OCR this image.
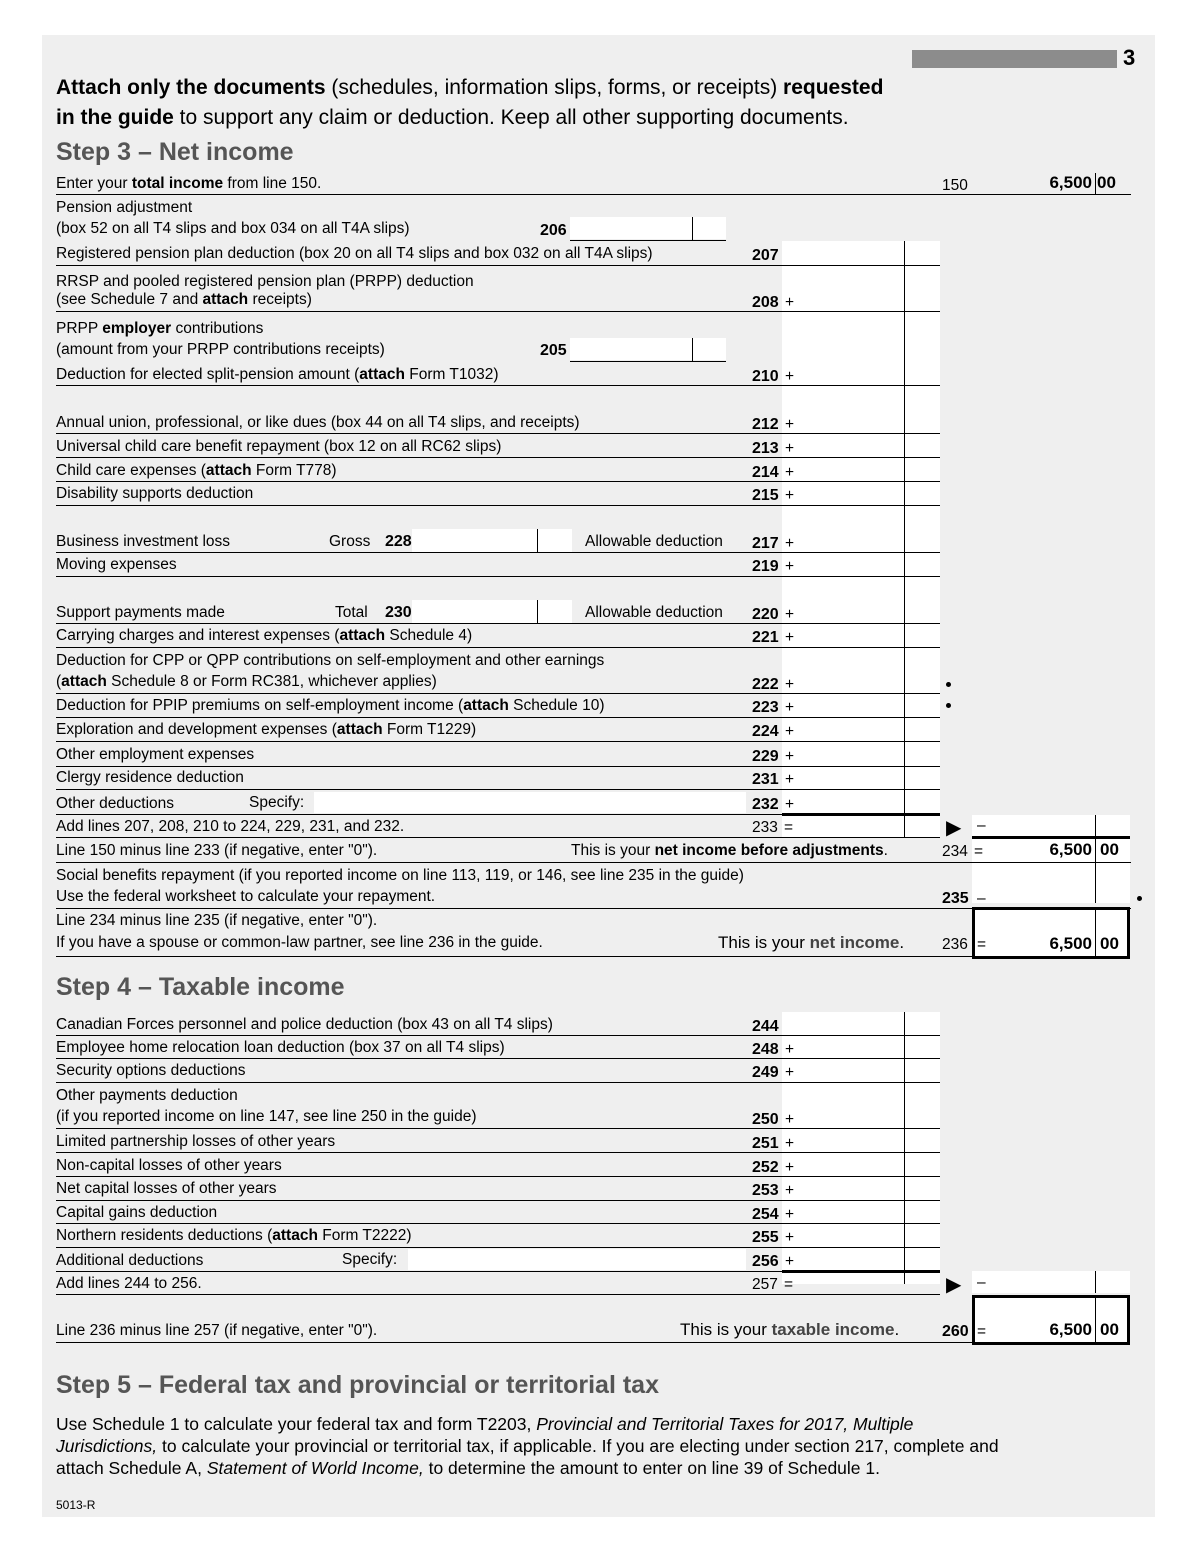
3
Attach only the documents (schedules, information slips, forms, or receipts) requested
in the guide to support any claim or deduction. Keep all other supporting documents.
Step 3 – Net income
Enter your total income from line 150.	150	6,500 00
Pension adjustment
(box 52 on all T4 slips and box 034 on all T4A slips)	206
Registered pension plan deduction (box 20 on all T4 slips and box 032 on all T4A slips)	207
RRSP and pooled registered pension plan (PRPP) deduction
(see Schedule 7 and attach receipts)	208 +
PRPP employer contributions
(amount from your PRPP contributions receipts)	205
Deduction for elected split-pension amount (attach Form T1032)	210 +
Annual union, professional, or like dues (box 44 on all T4 slips, and receipts)	212 +
Universal child care benefit repayment (box 12 on all RC62 slips)	213 +
Child care expenses (attach Form T778)	214 +
Disability supports deduction	215 +
Business investment loss	Gross 228	Allowable deduction 217 +
Moving expenses	219 +
Support payments made	Total 230	Allowable deduction 220 +
Carrying charges and interest expenses (attach Schedule 4)	221 +
Deduction for CPP or QPP contributions on self-employment and other earnings
(attach Schedule 8 or Form RC381, whichever applies)	222 +
Deduction for PPIP premiums on self-employment income (attach Schedule 10)	223 +
Exploration and development expenses (attach Form T1229)	224 +
Other employment expenses	229 +
Clergy residence deduction	231 +
Other deductions	Specify:	232 +
Add lines 207, 208, 210 to 224, 229, 231, and 232.	233 =	▶ –
Line 150 minus line 233 (if negative, enter "0").	This is your net income before adjustments.	234 =	6,500 00
Social benefits repayment (if you reported income on line 113, 119, or 146, see line 235 in the guide)
Use the federal worksheet to calculate your repayment.	235 –
Line 234 minus line 235 (if negative, enter "0").
If you have a spouse or common-law partner, see line 236 in the guide.	This is your net income. 236 =	6,500 00
Step 4 – Taxable income
Canadian Forces personnel and police deduction (box 43 on all T4 slips)	244
Employee home relocation loan deduction (box 37 on all T4 slips)	248 +
Security options deductions	249 +
Other payments deduction
(if you reported income on line 147, see line 250 in the guide)	250 +
Limited partnership losses of other years	251 +
Non-capital losses of other years	252 +
Net capital losses of other years	253 +
Capital gains deduction	254 +
Northern residents deductions (attach Form T2222)	255 +
Additional deductions	Specify:	256 +
Add lines 244 to 256.	257 =	▶ –
Line 236 minus line 257 (if negative, enter "0").	This is your taxable income.	260 =	6,500 00
Step 5 – Federal tax and provincial or territorial tax
Use Schedule 1 to calculate your federal tax and form T2203, Provincial and Territorial Taxes for 2017, Multiple
Jurisdictions, to calculate your provincial or territorial tax, if applicable. If you are electing under section 217, complete and
attach Schedule A, Statement of World Income, to determine the amount to enter on line 39 of Schedule 1.
5013-R
